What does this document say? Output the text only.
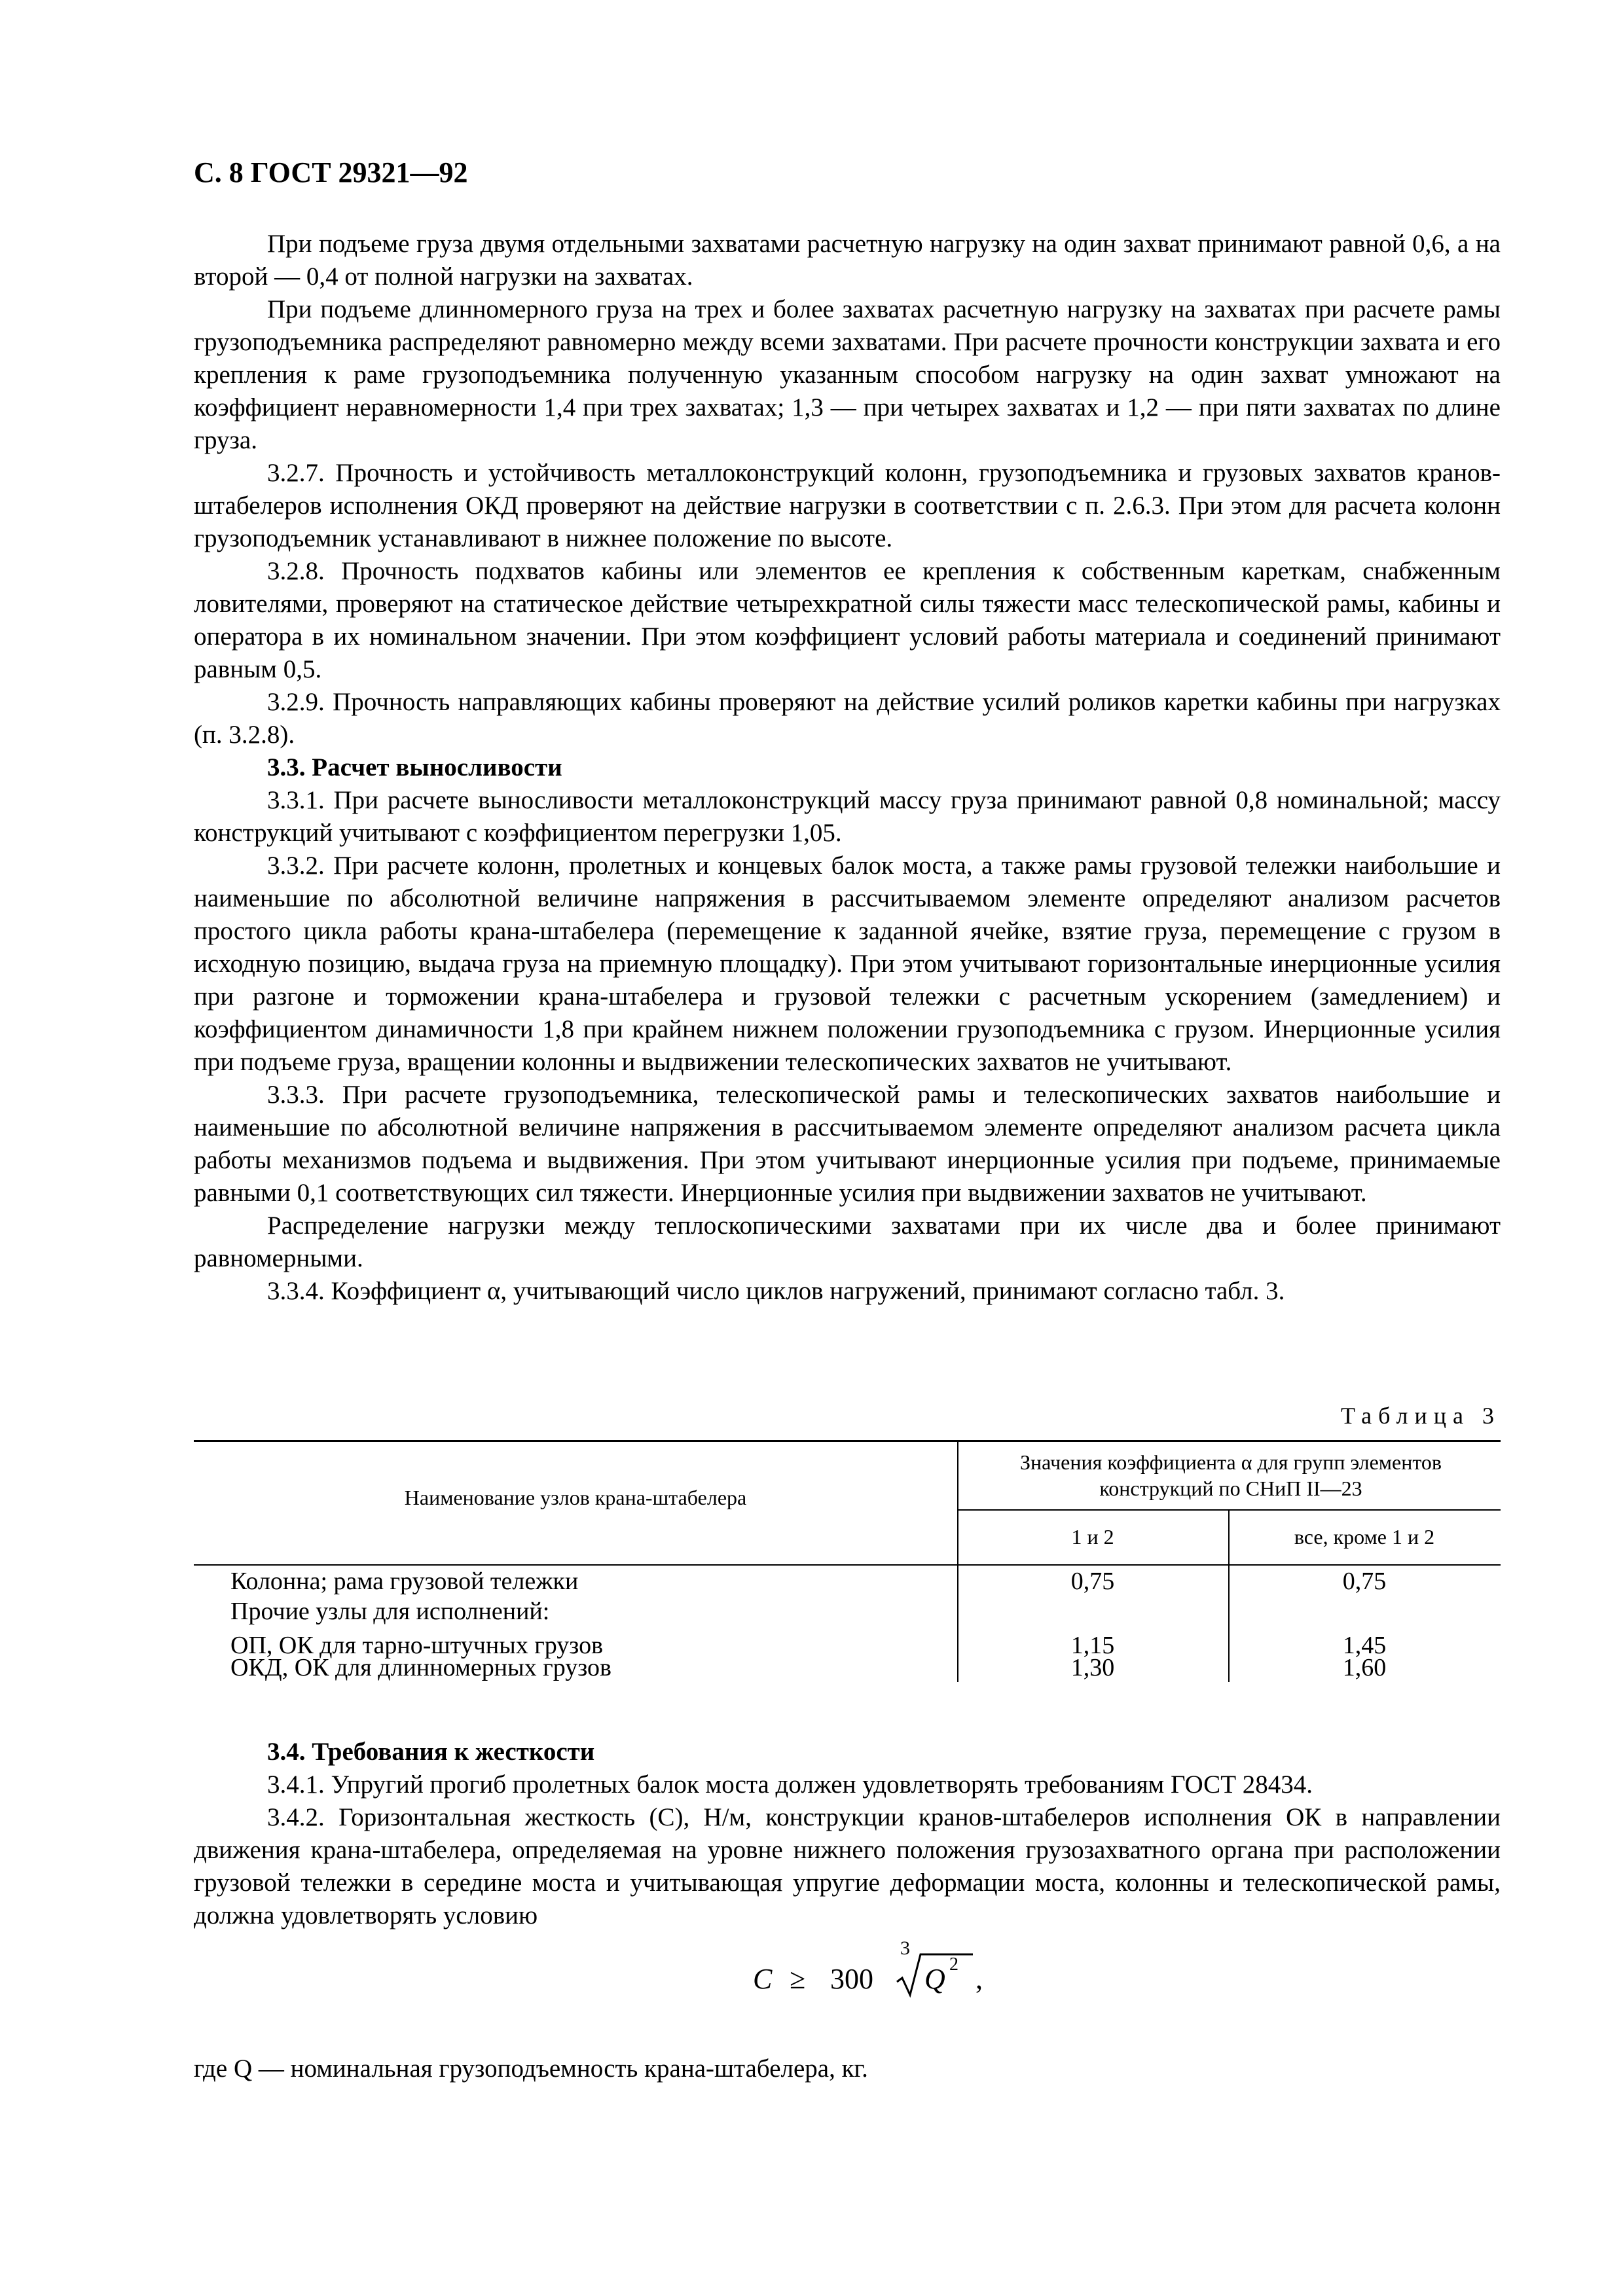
С. 8 ГОСТ 29321—92

При подъеме груза двумя отдельными захватами расчетную нагрузку на один захват принимают равной 0,6, а на второй — 0,4 от полной нагрузки на захватах.

При подъеме длинномерного груза на трех и более захватах расчетную нагрузку на захватах при расчете рамы грузоподъемника распределяют равномерно между всеми захватами. При расчете прочности конструкции захвата и его крепления к раме грузоподъемника полученную указанным способом нагрузку на один захват умножают на коэффициент неравномерности 1,4 при трех захватах; 1,3 — при четырех захватах и 1,2 — при пяти захватах по длине груза.

3.2.7. Прочность и устойчивость металлоконструкций колонн, грузоподъемника и грузовых захватов кранов-штабелеров исполнения ОКД проверяют на действие нагрузки в соответствии с п. 2.6.3. При этом для расчета колонн грузоподъемник устанавливают в нижнее положение по высоте.

3.2.8. Прочность подхватов кабины или элементов ее крепления к собственным кареткам, снабженным ловителями, проверяют на статическое действие четырехкратной силы тяжести масс телескопической рамы, кабины и оператора в их номинальном значении. При этом коэффициент условий работы материала и соединений принимают равным 0,5.

3.2.9. Прочность направляющих кабины проверяют на действие усилий роликов каретки кабины при нагрузках (п. 3.2.8).

3.3. Расчет выносливости

3.3.1. При расчете выносливости металлоконструкций массу груза принимают равной 0,8 номинальной; массу конструкций учитывают с коэффициентом перегрузки 1,05.

3.3.2. При расчете колонн, пролетных и концевых балок моста, а также рамы грузовой тележки наибольшие и наименьшие по абсолютной величине напряжения в рассчитываемом элементе определяют анализом расчетов простого цикла работы крана-штабелера (перемещение к заданной ячейке, взятие груза, перемещение с грузом в исходную позицию, выдача груза на приемную площадку). При этом учитывают горизонтальные инерционные усилия при разгоне и торможении крана-штабелера и грузовой тележки с расчетным ускорением (замедлением) и коэффициентом динамичности 1,8 при крайнем нижнем положении грузоподъемника с грузом. Инерционные усилия при подъеме груза, вращении колонны и выдвижении телескопических захватов не учитывают.

3.3.3. При расчете грузоподъемника, телескопической рамы и телескопических захватов наибольшие и наименьшие по абсолютной величине напряжения в рассчитываемом элементе определяют анализом расчета цикла работы механизмов подъема и выдвижения. При этом учитывают инерционные усилия при подъеме, принимаемые равными 0,1 соответствующих сил тяжести. Инерционные усилия при выдвижении захватов не учитывают.

Распределение нагрузки между теплоскопическими захватами при их числе два и более принимают равномерными.

3.3.4. Коэффициент α, учитывающий число циклов нагружений, принимают согласно табл. 3.

Таблица 3
Наименование узлов крана-штабелера
Значения коэффициента α для групп элементов конструкций по СНиП II—23
1 и 2	все, кроме 1 и 2
Колонна; рама грузовой тележки	0,75	0,75
Прочие узлы для исполнений:
ОП, ОК для тарно-штучных грузов	1,15	1,45
ОКД, ОК для длинномерных грузов	1,30	1,60

3.4. Требования к жесткости

3.4.1. Упругий прогиб пролетных балок моста должен удовлетворять требованиям ГОСТ 28434.

3.4.2. Горизонтальная жесткость (C), Н/м, конструкции кранов-штабелеров исполнения ОК в направлении движения крана-штабелера, определяемая на уровне нижнего положения грузозахватного органа при расположении грузовой тележки в середине моста и учитывающая упругие деформации моста, колонны и телескопической рамы, должна удовлетворять условию

C ≥ 300
3
Q 2 ,
где Q — номинальная грузоподъемность крана-штабелера, кг.
